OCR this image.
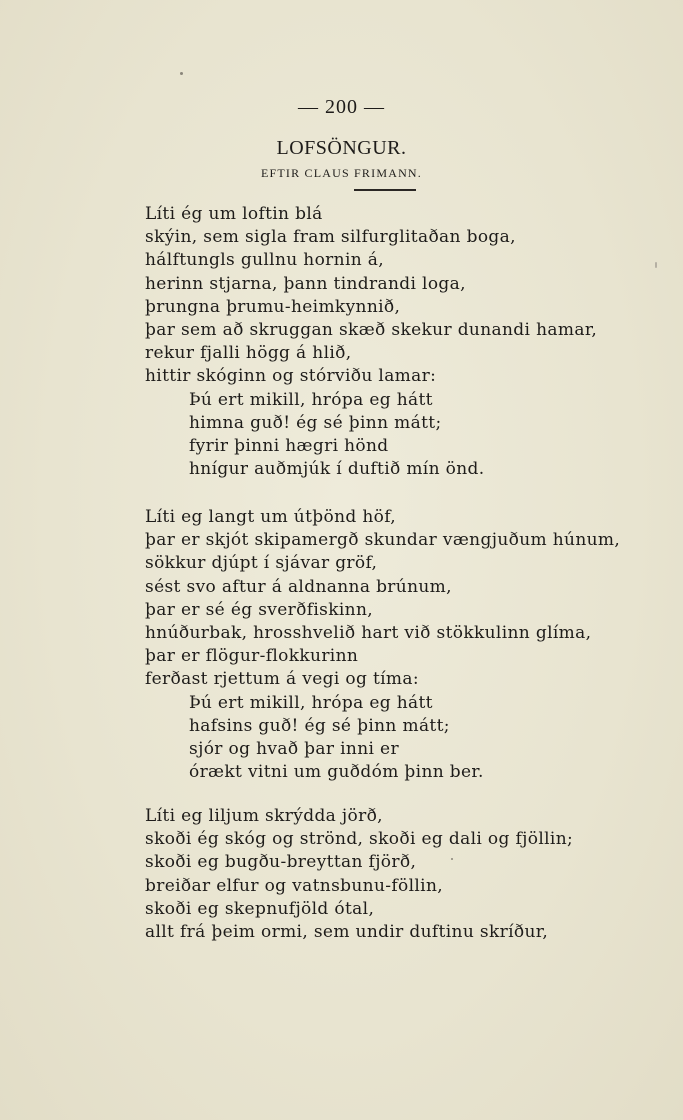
— 200 —
LOFSÖNGUR.
EFTIR CLAUS FRIMANN.
Líti ég um loftin blá
skýin, sem sigla fram silfurglitaðan boga,
hálftungls gullnu hornin á,
herinn stjarna, þann tindrandi loga,
þrungna þrumu-heimkynnið,
þar sem að skruggan skæð skekur dunandi hamar,
rekur fjalli högg á hlið,
hittir skóginn og stórviðu lamar:
Þú ert mikill, hrópa eg hátt
himna guð! ég sé þinn mátt;
fyrir þinni hægri hönd
hnígur auðmjúk í duftið mín önd.
Líti eg langt um útþönd höf,
þar er skjót skipamergð skundar vængjuðum húnum,
sökkur djúpt í sjávar gröf,
sést svo aftur á aldnanna brúnum,
þar er sé ég sverðfiskinn,
hnúðurbak, hrosshvelið hart við stökkulinn glíma,
þar er flögur-flokkurinn
ferðast rjettum á vegi og tíma:
Þú ert mikill, hrópa eg hátt
hafsins guð! ég sé þinn mátt;
sjór og hvað þar inni er
órækt vitni um guðdóm þinn ber.
Líti eg liljum skrýdda jörð,
skoði ég skóg og strönd, skoði eg dali og fjöllin;
skoði eg bugðu-breyttan fjörð,
breiðar elfur og vatnsbunu-föllin,
skoði eg skepnufjöld ótal,
allt frá þeim ormi, sem undir duftinu skríður,
